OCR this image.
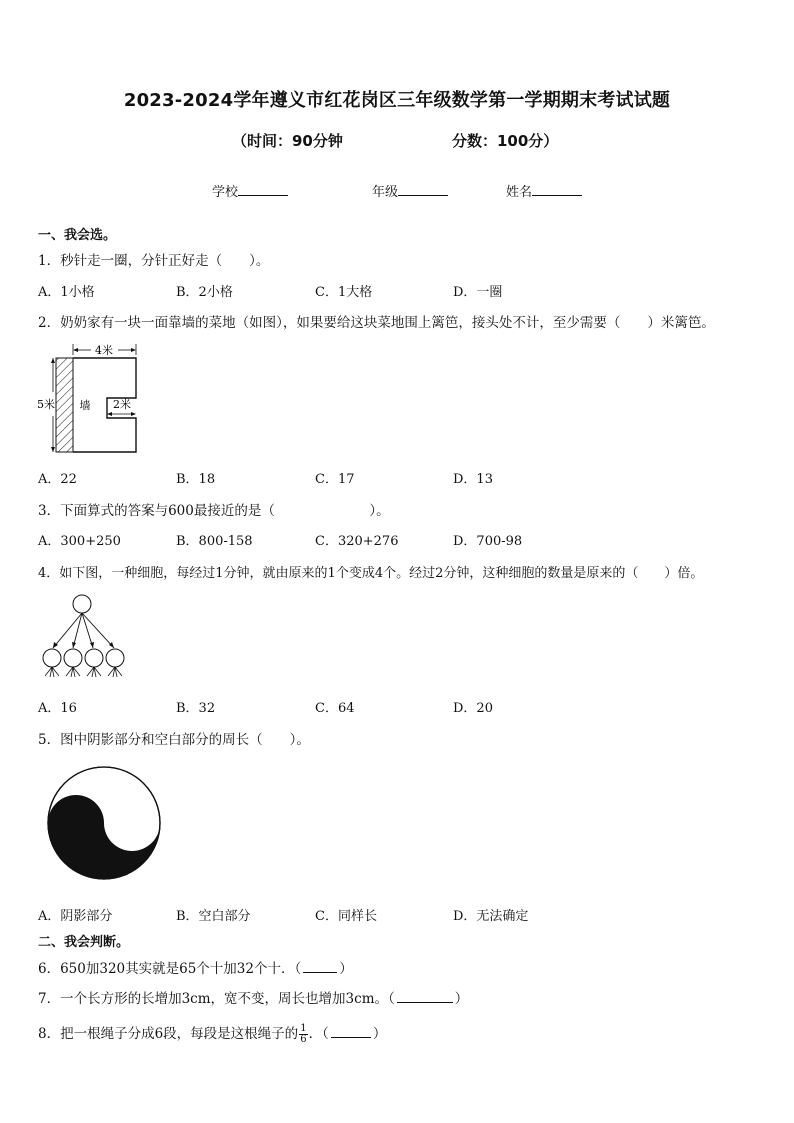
2023-2024学年遵义市红花岗区三年级数学第一学期期末考试试题
（时间：90分钟	分数：100分）
学校	年级	姓名
一、我会选。
1．秒针走一圈，分针正好走（　　）。
A．1小格	B．2小格	C．1大格	D．一圈
2．奶奶家有一块一面靠墙的菜地（如图），如果要给这块菜地围上篱笆，接头处不计，至少需要（　　）米篱笆。
4米
5米 墙 2米
A．22	B．18	C．17	D．13
3．下面算式的答案与600最接近的是（　　　　　　　）。
A．300+250	B．800-158	C．320+276	D．700-98
4．如下图，一种细胞，每经过1分钟，就由原来的1个变成4个。经过2分钟，这种细胞的数量是原来的（　　）倍。
A．16	B．32	C．64	D．20
5．图中阴影部分和空白部分的周长（　　）。
A．阴影部分	B．空白部分	C．同样长	D．无法确定
二、我会判断。
6．650加320其实就是65个十加32个十．（	）
7．一个长方形的长增加3cm，宽不变，周长也增加3cm。（	）
8．把一根绳子分成6段，每段是这根绳子的 $\frac{1}{6}$ ．（	）
